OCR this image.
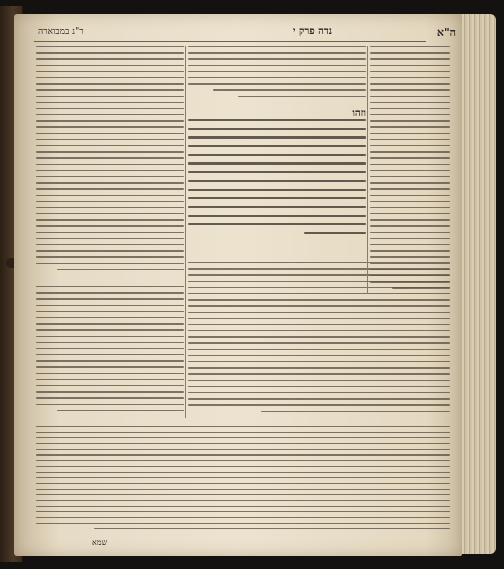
ה"א
נדה פרק י
ר"נ במבוארה
וזהו
שמא
